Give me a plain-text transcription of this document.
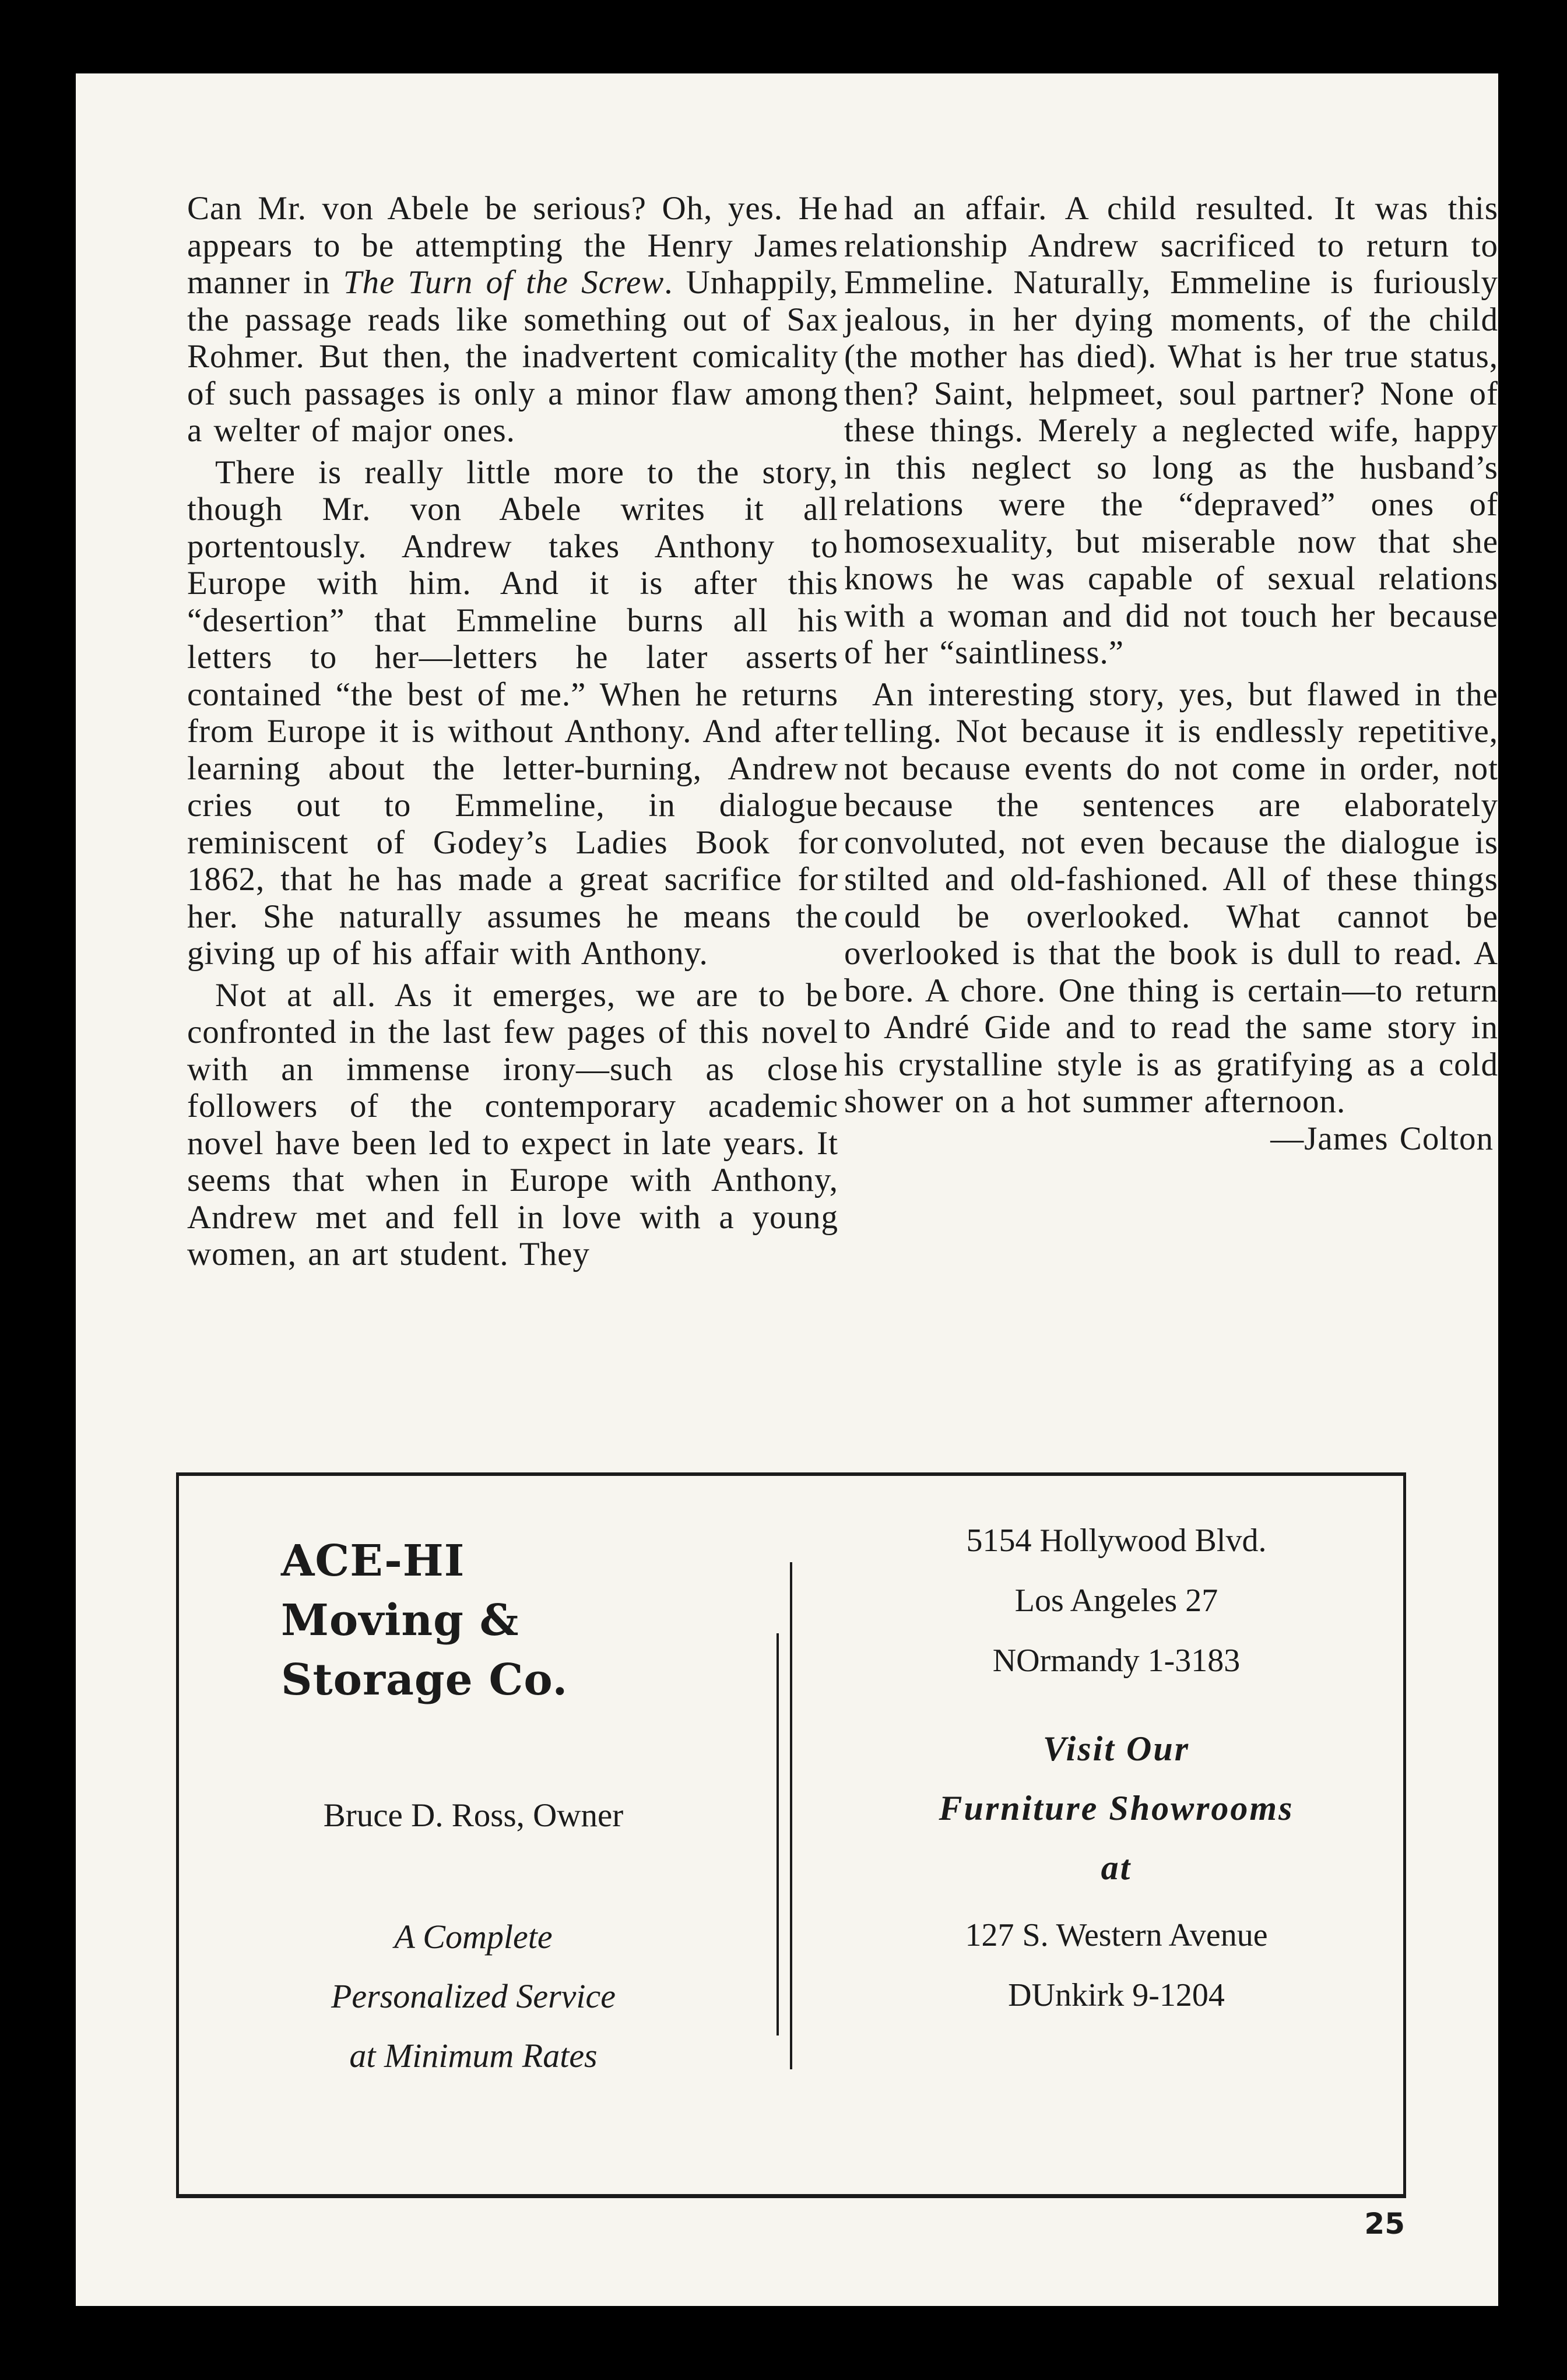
Can Mr. von Abele be serious? Oh, yes. He appears to be attempting the Henry James manner in The Turn of the Screw. Unhappily, the passage reads like something out of Sax Rohmer. But then, the inadvertent comicality of such passages is only a minor flaw among a welter of major ones.

There is really little more to the story, though Mr. von Abele writes it all portentously. Andrew takes Anthony to Europe with him. And it is after this “desertion” that Emmeline burns all his letters to her—letters he later asserts contained “the best of me.” When he returns from Europe it is without Anthony. And after learning about the letter-burning, Andrew cries out to Emmeline, in dialogue reminiscent of Godey’s Ladies Book for 1862, that he has made a great sacrifice for her. She naturally assumes he means the giving up of his affair with Anthony.

Not at all. As it emerges, we are to be confronted in the last few pages of this novel with an immense irony—such as close followers of the contemporary academic novel have been led to expect in late years. It seems that when in Europe with Anthony, Andrew met and fell in love with a young women, an art student. They

had an affair. A child resulted. It was this relationship Andrew sacrificed to return to Emmeline. Naturally, Emmeline is furiously jealous, in her dying moments, of the child (the mother has died). What is her true status, then? Saint, helpmeet, soul partner? None of these things. Merely a neglected wife, happy in this neglect so long as the husband’s relations were the “depraved” ones of homosexuality, but miserable now that she knows he was capable of sexual relations with a woman and did not touch her because of her “saintliness.”

An interesting story, yes, but flawed in the telling. Not because it is endlessly repetitive, not because events do not come in order, not because the sentences are elaborately convoluted, not even because the dialogue is stilted and old-fashioned. All of these things could be overlooked. What cannot be overlooked is that the book is dull to read. A bore. A chore. One thing is certain—to return to André Gide and to read the same story in his crystalline style is as gratifying as a cold shower on a hot summer afternoon.

—James Colton

ACE-HI
Moving &
Storage Co.
Bruce D. Ross, Owner
A Complete
Personalized Service
at Minimum Rates
5154 Hollywood Blvd.
Los Angeles 27
NOrmandy 1-3183
Visit Our
Furniture Showrooms
at
127 S. Western Avenue
DUnkirk 9-1204
25
